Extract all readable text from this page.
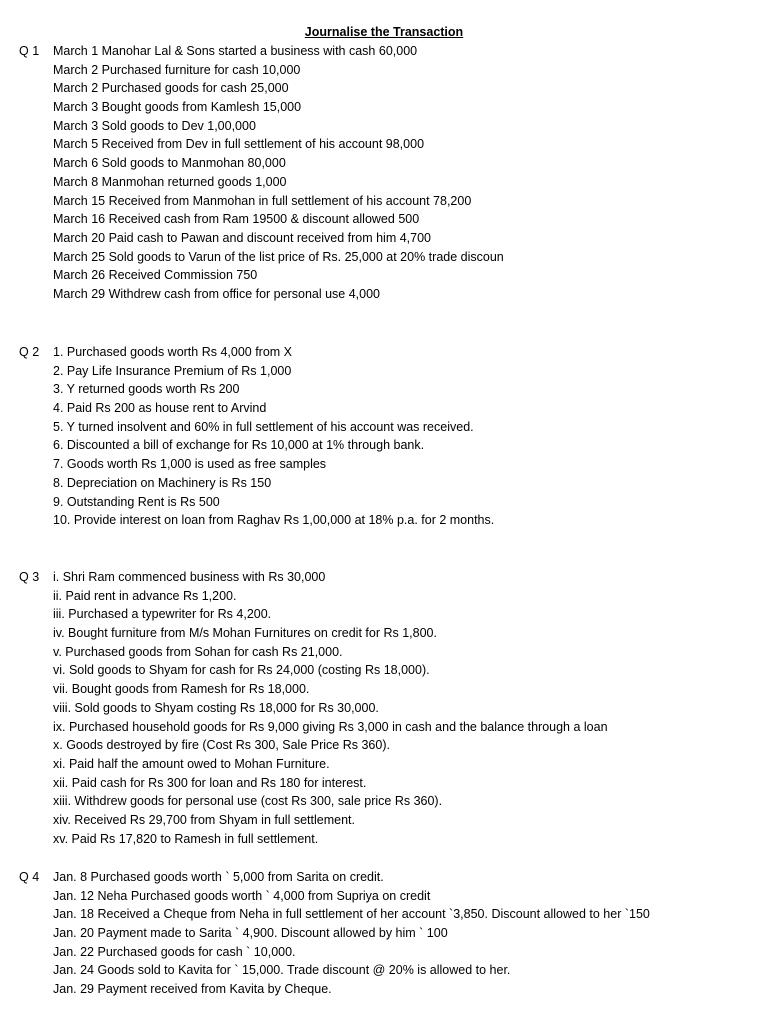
Journalise the Transaction
Q 1 March 1 Manohar Lal & Sons started a business with cash 60,000
March 2 Purchased furniture for cash 10,000
March 2 Purchased goods for cash 25,000
March 3 Bought goods from Kamlesh 15,000
March 3 Sold goods to Dev 1,00,000
March 5 Received from Dev in full settlement of his account 98,000
March 6 Sold goods to Manmohan 80,000
March 8 Manmohan returned goods 1,000
March 15 Received from Manmohan in full settlement of his account 78,200
March 16 Received cash from Ram 19500 & discount allowed 500
March 20 Paid cash to Pawan and discount received from him 4,700
March 25 Sold goods to Varun of the list price of Rs. 25,000 at 20% trade discoun
March 26 Received Commission 750
March 29 Withdrew cash from office for personal use 4,000
Q 2 1. Purchased goods worth Rs 4,000 from X
2. Pay Life Insurance Premium of Rs 1,000
3. Y returned goods worth Rs 200
4. Paid Rs 200 as house rent to Arvind
5. Y turned insolvent and 60% in full settlement of his account was received.
6. Discounted a bill of exchange for Rs 10,000 at 1% through bank.
7. Goods worth Rs 1,000 is used as free samples
8. Depreciation on Machinery is Rs 150
9. Outstanding Rent is Rs 500
10. Provide interest on loan from Raghav Rs 1,00,000 at 18% p.a. for 2 months.
Q 3 i. Shri Ram commenced business with Rs 30,000
ii. Paid rent in advance Rs 1,200.
iii. Purchased a typewriter for Rs 4,200.
iv. Bought furniture from M/s Mohan Furnitures on credit for Rs 1,800.
v. Purchased goods from Sohan for cash Rs 21,000.
vi. Sold goods to Shyam for cash for Rs 24,000 (costing Rs 18,000).
vii. Bought goods from Ramesh for Rs 18,000.
viii. Sold goods to Shyam costing Rs 18,000 for Rs 30,000.
ix. Purchased household goods for Rs 9,000 giving Rs 3,000 in cash and the balance through a loan
x. Goods destroyed by fire (Cost Rs 300, Sale Price Rs 360).
xi. Paid half the amount owed to Mohan Furniture.
xii. Paid cash for Rs 300 for loan and Rs 180 for interest.
xiii. Withdrew goods for personal use (cost Rs 300, sale price Rs 360).
xiv. Received Rs 29,700 from Shyam in full settlement.
xv. Paid Rs 17,820 to Ramesh in full settlement.
Q 4 Jan. 8 Purchased goods worth ` 5,000 from Sarita on credit.
Jan. 12 Neha Purchased goods worth ` 4,000 from Supriya on credit
Jan. 18 Received a Cheque from Neha in full settlement of her account `3,850. Discount allowed to her `150
Jan. 20 Payment made to Sarita ` 4,900. Discount allowed by him ` 100
Jan. 22 Purchased goods for cash ` 10,000.
Jan. 24 Goods sold to Kavita for ` 15,000. Trade discount @ 20% is allowed to her.
Jan. 29 Payment received from Kavita by Cheque.
